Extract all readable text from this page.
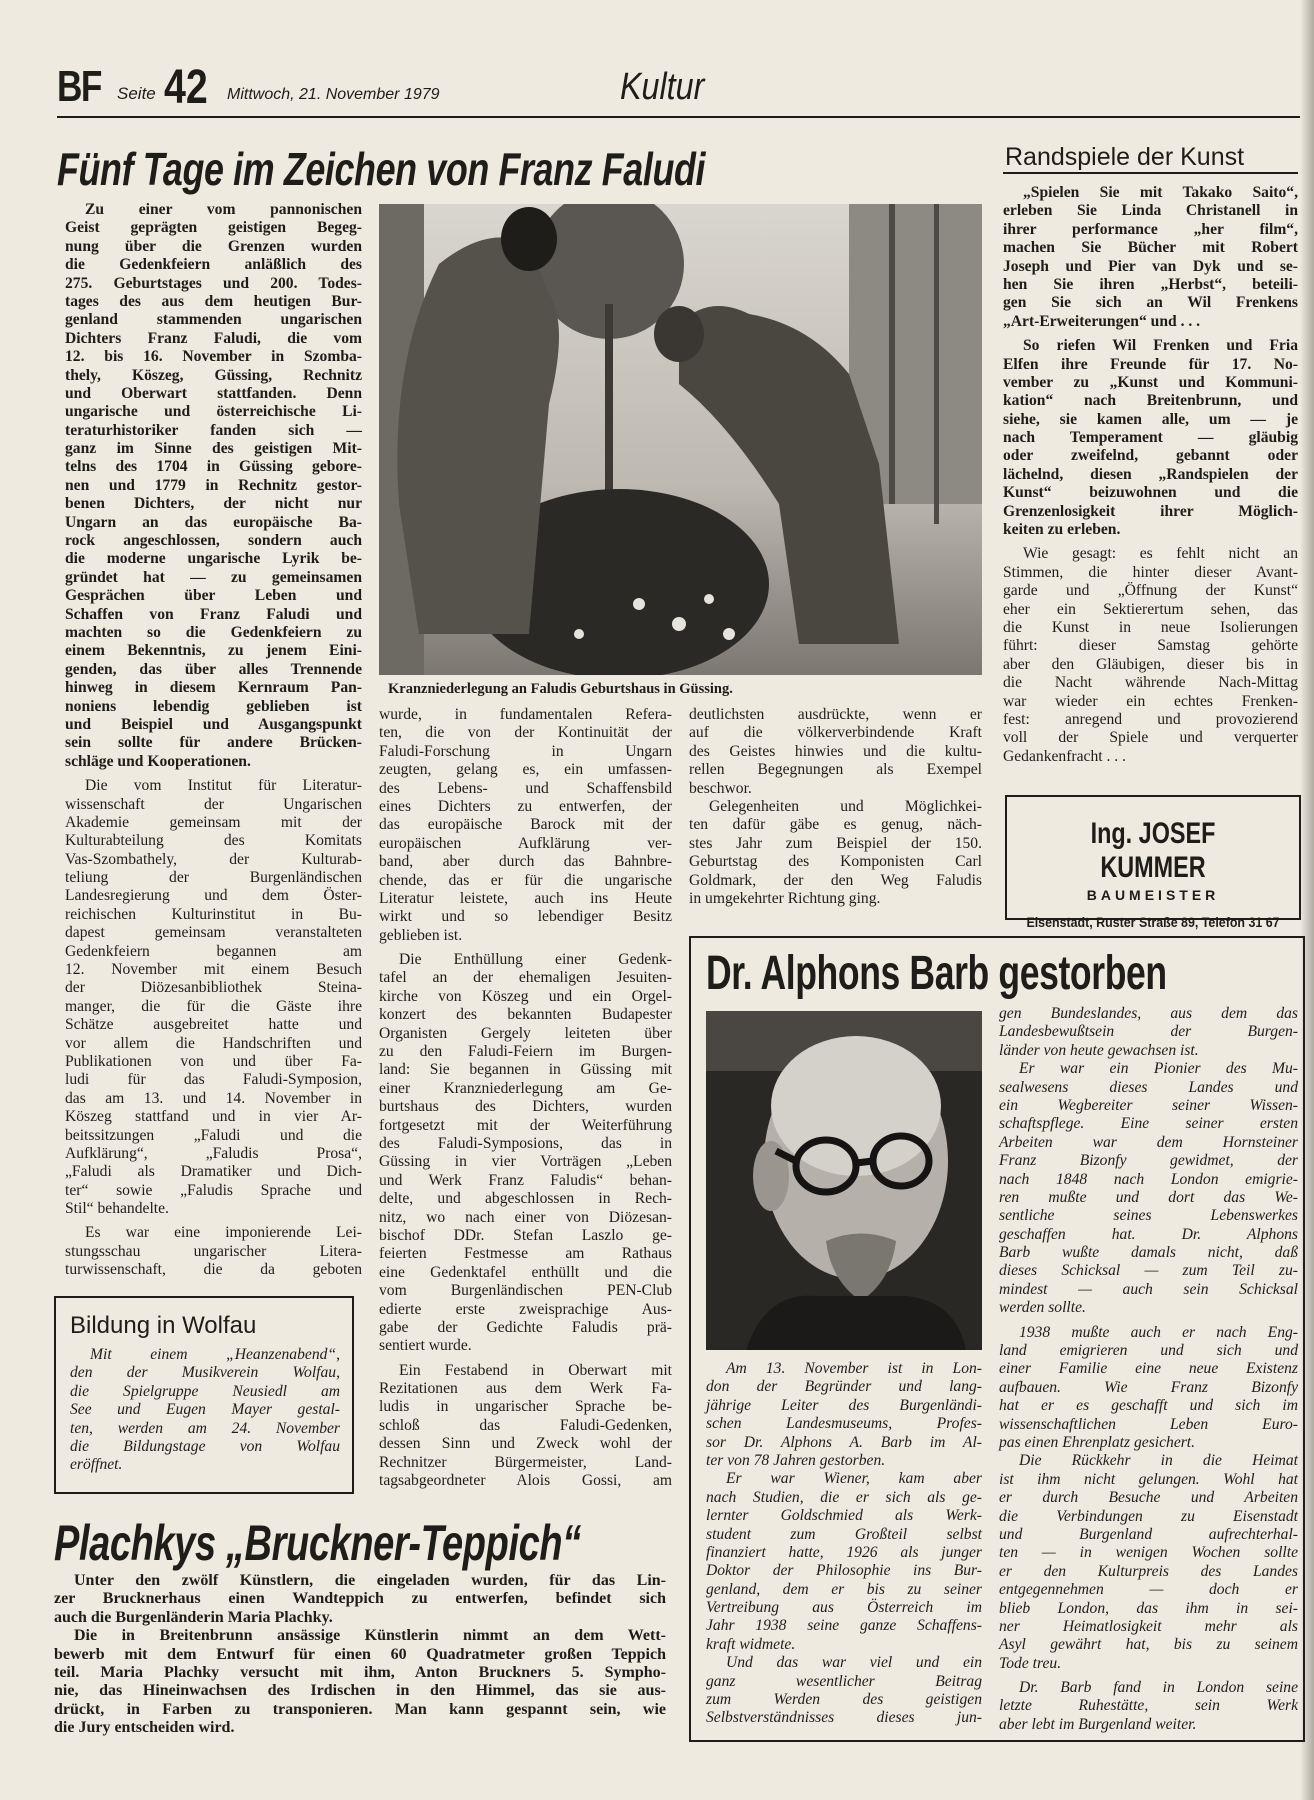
BF Seite 42 Mittwoch, 21. November 1979	Kultur
Fünf Tage im Zeichen von Franz Faludi
Zu einer vom pannonischen
Geist geprägten geistigen Begeg-
nung über die Grenzen wurden
die Gedenkfeiern anläßlich des
275. Geburtstages und 200. Todes-
tages des aus dem heutigen Bur-
genland stammenden ungarischen
Dichters Franz Faludi, die vom
12. bis 16. November in Szomba-
thely, Köszeg, Güssing, Rechnitz
und Oberwart stattfanden. Denn
ungarische und österreichische Li-
teraturhistoriker fanden sich —
ganz im Sinne des geistigen Mit-
telns des 1704 in Güssing gebore-
nen und 1779 in Rechnitz gestor-
benen Dichters, der nicht nur
Ungarn an das europäische Ba-
rock angeschlossen, sondern auch
die moderne ungarische Lyrik be-
gründet hat — zu gemeinsamen
Gesprächen über Leben und
Schaffen von Franz Faludi und
machten so die Gedenkfeiern zu
einem Bekenntnis, zu jenem Eini-
genden, das über alles Trennende
hinweg in diesem Kernraum Pan-
noniens lebendig geblieben ist
und Beispiel und Ausgangspunkt
sein sollte für andere Brücken-
schläge und Kooperationen.
Die vom Institut für Literatur-
wissenschaft der Ungarischen
Akademie gemeinsam mit der
Kulturabteilung des Komitats
Vas-Szombathely, der Kulturab-
teliung der Burgenländischen
Landesregierung und dem Öster-
reichischen Kulturinstitut in Bu-
dapest gemeinsam veranstalteten
Gedenkfeiern begannen am
12. November mit einem Besuch
der Diözesanbibliothek Steina-
manger, die für die Gäste ihre
Schätze ausgebreitet hatte und
vor allem die Handschriften und
Publikationen von und über Fa-
ludi für das Faludi-Symposion,
das am 13. und 14. November in
Köszeg stattfand und in vier Ar-
beitssitzungen „Faludi und die
Aufklärung“, „Faludis Prosa“,
„Faludi als Dramatiker und Dich-
ter“ sowie „Faludis Sprache und
Stil“ behandelte.
Es war eine imponierende Lei-
stungsschau ungarischer Litera-
turwissenschaft, die da geboten
Kranzniederlegung an Faludis Geburtshaus in Güssing.
wurde, in fundamentalen Refera-
ten, die von der Kontinuität der
Faludi-Forschung in Ungarn
zeugten, gelang es, ein umfassen-
des Lebens- und Schaffensbild
eines Dichters zu entwerfen, der
das europäische Barock mit der
europäischen Aufklärung ver-
band, aber durch das Bahnbre-
chende, das er für die ungarische
Literatur leistete, auch ins Heute
wirkt und so lebendiger Besitz
geblieben ist.
Die Enthüllung einer Gedenk-
tafel an der ehemaligen Jesuiten-
kirche von Köszeg und ein Orgel-
konzert des bekannten Budapester
Organisten Gergely leiteten über
zu den Faludi-Feiern im Burgen-
land: Sie begannen in Güssing mit
einer Kranzniederlegung am Ge-
burtshaus des Dichters, wurden
fortgesetzt mit der Weiterführung
des Faludi-Symposions, das in
Güssing in vier Vorträgen „Leben
und Werk Franz Faludis“ behan-
delte, und abgeschlossen in Rech-
nitz, wo nach einer von Diözesan-
bischof DDr. Stefan Laszlo ge-
feierten Festmesse am Rathaus
eine Gedenktafel enthüllt und die
vom Burgenländischen PEN-Club
edierte erste zweisprachige Aus-
gabe der Gedichte Faludis prä-
sentiert wurde.
Ein Festabend in Oberwart mit
Rezitationen aus dem Werk Fa-
ludis in ungarischer Sprache be-
schloß das Faludi-Gedenken,
dessen Sinn und Zweck wohl der
Rechnitzer Bürgermeister, Land-
tagsabgeordneter Alois Gossi, am
deutlichsten ausdrückte, wenn er
auf die völkerverbindende Kraft
des Geistes hinwies und die kultu-
rellen Begegnungen als Exempel
beschwor.
Gelegenheiten und Möglichkei-
ten dafür gäbe es genug, näch-
stes Jahr zum Beispiel der 150.
Geburtstag des Komponisten Carl
Goldmark, der den Weg Faludis
in umgekehrter Richtung ging.
Randspiele der Kunst
„Spielen Sie mit Takako Saito“,
erleben Sie Linda Christanell in
ihrer performance „her film“,
machen Sie Bücher mit Robert
Joseph und Pier van Dyk und se-
hen Sie ihren „Herbst“, beteili-
gen Sie sich an Wil Frenkens
„Art-Erweiterungen“ und . . .
So riefen Wil Frenken und Fria
Elfen ihre Freunde für 17. No-
vember zu „Kunst und Kommuni-
kation“ nach Breitenbrunn, und
siehe, sie kamen alle, um — je
nach Temperament — gläubig
oder zweifelnd, gebannt oder
lächelnd, diesen „Randspielen der
Kunst“ beizuwohnen und die
Grenzenlosigkeit ihrer Möglich-
keiten zu erleben.
Wie gesagt: es fehlt nicht an
Stimmen, die hinter dieser Avant-
garde und „Öffnung der Kunst“
eher ein Sektierertum sehen, das
die Kunst in neue Isolierungen
führt: dieser Samstag gehörte
aber den Gläubigen, dieser bis in
die Nacht währende Nach-Mittag
war wieder ein echtes Frenken-
fest: anregend und provozierend
voll der Spiele und verquerter
Gedankenfracht . . .
Ing. JOSEF KUMMER
BAUMEISTER
Eisenstadt, Ruster Straße 89, Telefon 31 67
Dr. Alphons Barb gestorben
Am 13. November ist in Lon-
don der Begründer und lang-
jährige Leiter des Burgenländi-
schen Landesmuseums, Profes-
sor Dr. Alphons A. Barb im Al-
ter von 78 Jahren gestorben.
Er war Wiener, kam aber
nach Studien, die er sich als ge-
lernter Goldschmied als Werk-
student zum Großteil selbst
finanziert hatte, 1926 als junger
Doktor der Philosophie ins Bur-
genland, dem er bis zu seiner
Vertreibung aus Österreich im
Jahr 1938 seine ganze Schaffens-
kraft widmete.
Und das war viel und ein
ganz wesentlicher Beitrag
zum Werden des geistigen
Selbstverständnisses dieses jun-
gen Bundeslandes, aus dem das
Landesbewußtsein der Burgen-
länder von heute gewachsen ist.
Er war ein Pionier des Mu-
sealwesens dieses Landes und
ein Wegbereiter seiner Wissen-
schaftspflege. Eine seiner ersten
Arbeiten war dem Hornsteiner
Franz Bizonfy gewidmet, der
nach 1848 nach London emigrie-
ren mußte und dort das We-
sentliche seines Lebenswerkes
geschaffen hat. Dr. Alphons
Barb wußte damals nicht, daß
dieses Schicksal — zum Teil zu-
mindest — auch sein Schicksal
werden sollte.
1938 mußte auch er nach Eng-
land emigrieren und sich und
einer Familie eine neue Existenz
aufbauen. Wie Franz Bizonfy
hat er es geschafft und sich im
wissenschaftlichen Leben Euro-
pas einen Ehrenplatz gesichert.
Die Rückkehr in die Heimat
ist ihm nicht gelungen. Wohl hat
er durch Besuche und Arbeiten
die Verbindungen zu Eisenstadt
und Burgenland aufrechterhal-
ten — in wenigen Wochen sollte
er den Kulturpreis des Landes
entgegennehmen — doch er
blieb London, das ihm in sei-
ner Heimatlosigkeit mehr als
Asyl gewährt hat, bis zu seinem
Tode treu.
Dr. Barb fand in London seine
letzte Ruhestätte, sein Werk
aber lebt im Burgenland weiter.
Bildung in Wolfau
Mit einem „Heanzenabend“,
den der Musikverein Wolfau,
die Spielgruppe Neusiedl am
See und Eugen Mayer gestal-
ten, werden am 24. November
die Bildungstage von Wolfau
eröffnet.
Plachkys „Bruckner-Teppich“
Unter den zwölf Künstlern, die eingeladen wurden, für das Lin-
zer Brucknerhaus einen Wandteppich zu entwerfen, befindet sich
auch die Burgenländerin Maria Plachky.
Die in Breitenbrunn ansässige Künstlerin nimmt an dem Wett-
bewerb mit dem Entwurf für einen 60 Quadratmeter großen Teppich
teil. Maria Plachky versucht mit ihm, Anton Bruckners 5. Sympho-
nie, das Hineinwachsen des Irdischen in den Himmel, das sie aus-
drückt, in Farben zu transponieren. Man kann gespannt sein, wie
die Jury entscheiden wird.
